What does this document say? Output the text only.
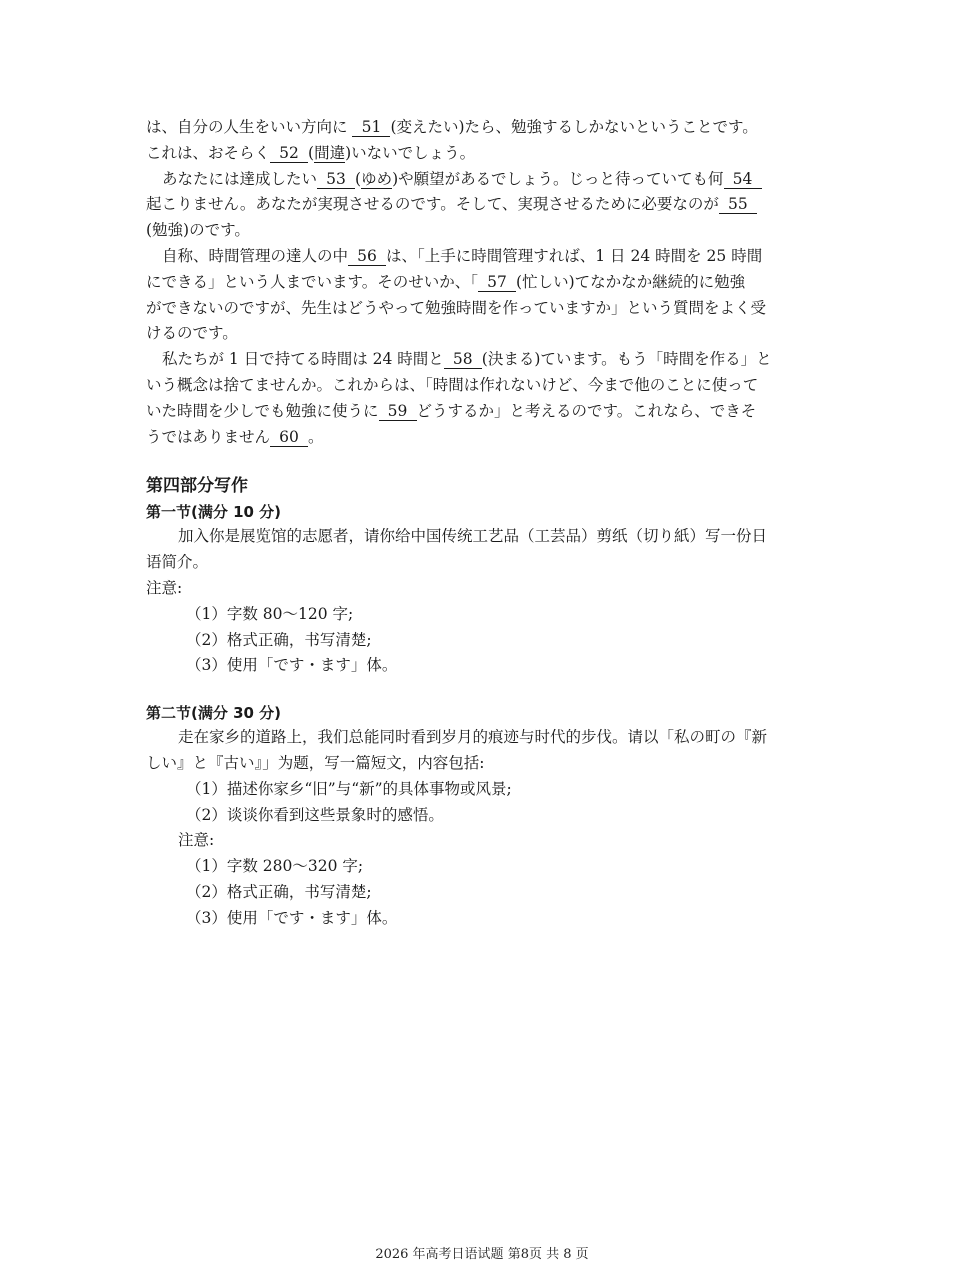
は、自分の人生をいい方向に 51 (変えたい)たら、勉強するしかないということです。
これは、おそらく 52 (間違)いないでしょう。
あなたには達成したい 53 (ゆめ)や願望があるでしょう。じっと待っていても何 54
起こりません。あなたが実現させるのです。そして、実現させるために必要なのが 55
(勉強)のです。
自称、時間管理の達人の中 56 は、「上手に時間管理すれば、1 日 24 時間を 25 時間
にできる」という人までいます。そのせいか、「 57 (忙しい)てなかなか継続的に勉強
ができないのですが、先生はどうやって勉強時間を作っていますか」という質問をよく受
けるのです。
私たちが 1 日で持てる時間は 24 時間と 58 (決まる)ています。もう「時間を作る」と
いう概念は捨てませんか。これからは、「時間は作れないけど、今まで他のことに使って
いた時間を少しでも勉強に使うに 59 どうするか」と考えるのです。これなら、できそ
うではありません 60 。
第四部分写作
第一节(满分 10 分)
加入你是展览馆的志愿者，请你给中国传统工艺品（工芸品）剪纸（切り紙）写一份日
语简介。
注意:
（1）字数 80～120 字;
（2）格式正确，书写清楚;
（3）使用「です・ます」体。
第二节(满分 30 分)
走在家乡的道路上，我们总能同时看到岁月的痕迹与时代的步伐。请以「私の町の『新
しい』と『古い』」为题，写一篇短文，内容包括:
（1）描述你家乡“旧”与“新”的具体事物或风景;
（2）谈谈你看到这些景象时的感悟。
注意:
（1）字数 280～320 字;
（2）格式正确，书写清楚;
（3）使用「です・ます」体。
2026 年高考日语试题 第8页 共 8 页
